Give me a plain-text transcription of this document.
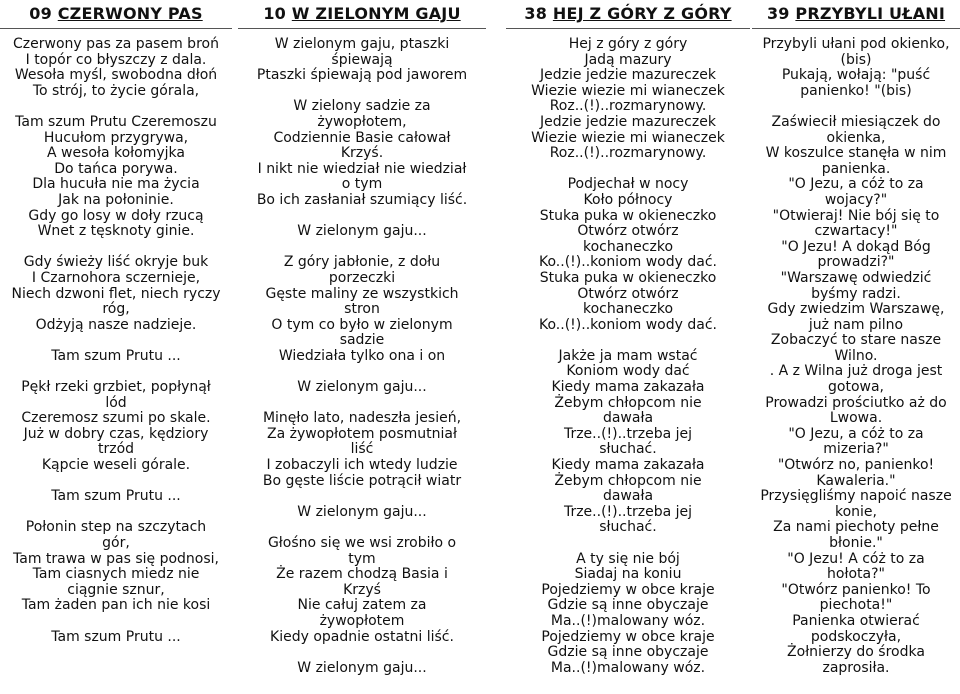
09 CZERWONY PAS
Czerwony pas za pasem broń
I topór co błyszczy z dala.
Wesoła myśl, swobodna dłoń
To strój, to życie górala,
Tam szum Prutu Czeremoszu
Hucułom przygrywa,
A wesoła kołomyjka
Do tańca porywa.
Dla hucuła nie ma życia
Jak na połoninie.
Gdy go losy w doły rzucą
Wnet z tęsknoty ginie.
Gdy świeży liść okryje buk
I Czarnohora sczernieje,
Niech dzwoni flet, niech ryczy
róg,
Odżyją nasze nadzieje.
Tam szum Prutu ...
Pękł rzeki grzbiet, popłynął
lód
Czeremosz szumi po skale.
Już w dobry czas, kędziory
trzód
Kąpcie weseli górale.
Tam szum Prutu ...
Połonin step na szczytach
gór,
Tam trawa w pas się podnosi,
Tam ciasnych miedz nie
ciągnie sznur,
Tam żaden pan ich nie kosi
Tam szum Prutu ...
10 W ZIELONYM GAJU
W zielonym gaju, ptaszki
śpiewają
Ptaszki śpiewają pod jaworem
W zielony sadzie za
żywopłotem,
Codziennie Basie całował
Krzyś.
I nikt nie wiedział nie wiedział
o tym
Bo ich zasłaniał szumiący liść.
W zielonym gaju...
Z góry jabłonie, z dołu
porzeczki
Gęste maliny ze wszystkich
stron
O tym co było w zielonym
sadzie
Wiedziała tylko ona i on
W zielonym gaju...
Minęło lato, nadeszła jesień,
Za żywopłotem posmutniał
liść
I zobaczyli ich wtedy ludzie
Bo gęste liście potrącił wiatr
W zielonym gaju...
Głośno się we wsi zrobiło o
tym
Że razem chodzą Basia i
Krzyś
Nie całuj zatem za
żywopłotem
Kiedy opadnie ostatni liść.
W zielonym gaju...
38 HEJ Z GÓRY Z GÓRY
Hej z góry z góry
Jadą mazury
Jedzie jedzie mazureczek
Wiezie wiezie mi wianeczek
Roz..(!)..rozmarynowy.
Jedzie jedzie mazureczek
Wiezie wiezie mi wianeczek
Roz..(!)..rozmarynowy.
Podjechał w nocy
Koło północy
Stuka puka w okieneczko
Otwórz otwórz
kochaneczko
Ko..(!)..koniom wody dać.
Stuka puka w okieneczko
Otwórz otwórz
kochaneczko
Ko..(!)..koniom wody dać.
Jakże ja mam wstać
Koniom wody dać
Kiedy mama zakazała
Żebym chłopcom nie
dawała
Trze..(!)..trzeba jej
słuchać.
Kiedy mama zakazała
Żebym chłopcom nie
dawała
Trze..(!)..trzeba jej
słuchać.
A ty się nie bój
Siadaj na koniu
Pojedziemy w obce kraje
Gdzie są inne obyczaje
Ma..(!)malowany wóz.
Pojedziemy w obce kraje
Gdzie są inne obyczaje
Ma..(!)malowany wóz.
39 PRZYBYLI UŁANI
Przybyli ułani pod okienko,
(bis)
Pukają, wołają: "puść
panienko! "(bis)
Zaświecił miesiączek do
okienka,
W koszulce stanęła w nim
panienka.
"O Jezu, a cóż to za
wojacy?"
"Otwieraj! Nie bój się to
czwartacy!"
"O Jezu! A dokąd Bóg
prowadzi?"
"Warszawę odwiedzić
byśmy radzi.
Gdy zwiedzim Warszawę,
już nam pilno
Zobaczyć to stare nasze
Wilno.
. A z Wilna już droga jest
gotowa,
Prowadzi prościutko aż do
Lwowa.
"O Jezu, a cóż to za
mizeria?"
"Otwórz no, panienko!
Kawaleria."
Przysięgliśmy napoić nasze
konie,
Za nami piechoty pełne
błonie."
"O Jezu! A cóż to za
hołota?"
"Otwórz panienko! To
piechota!"
Panienka otwierać
podskoczyła,
Żołnierzy do środka
zaprosiła.
